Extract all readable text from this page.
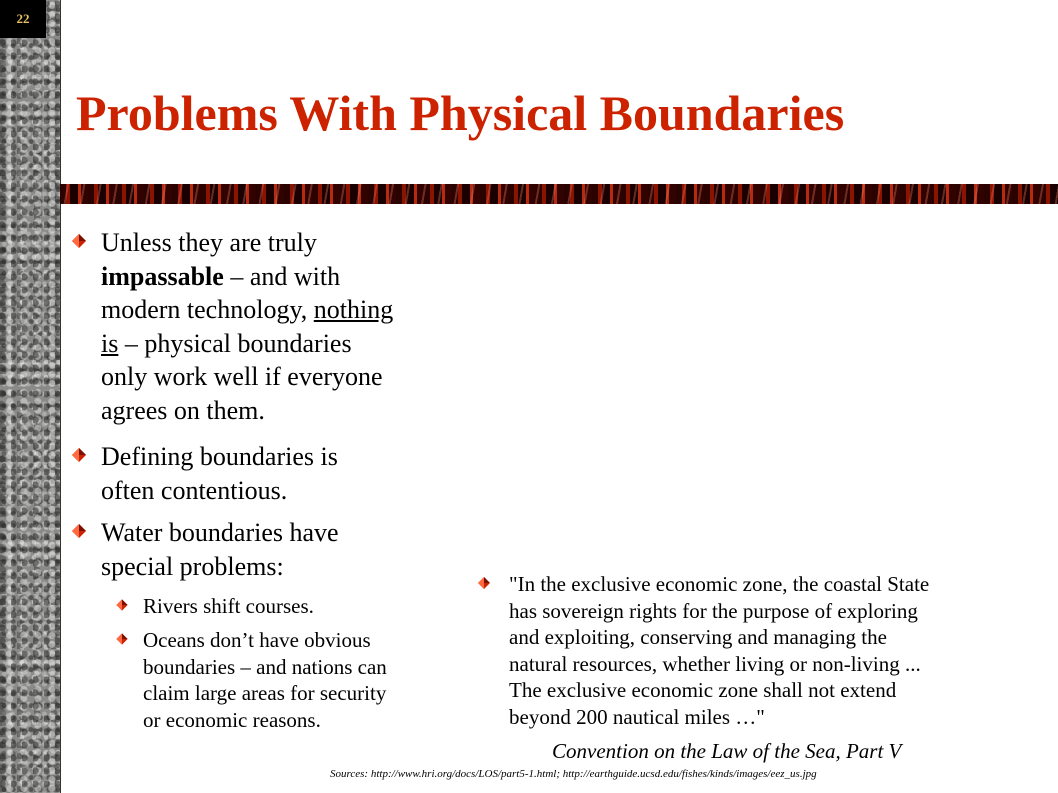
22
Problems With Physical Boundaries
Unless they are truly
impassable – and with
modern technology, nothing
is – physical boundaries
only work well if everyone
agrees on them.
Defining boundaries is
often contentious.
Water boundaries have
special problems:
Rivers shift courses.
Oceans don’t have obvious
boundaries – and nations can
claim large areas for security
or economic reasons.
"In the exclusive economic zone, the coastal State
has sovereign rights for the purpose of exploring
and exploiting, conserving and managing the
natural resources, whether living or non-living ...
The exclusive economic zone shall not extend
beyond 200 nautical miles …"
Convention on the Law of the Sea, Part V
Sources: http://www.hri.org/docs/LOS/part5-1.html; http://earthguide.ucsd.edu/fishes/kinds/images/eez_us.jpg
